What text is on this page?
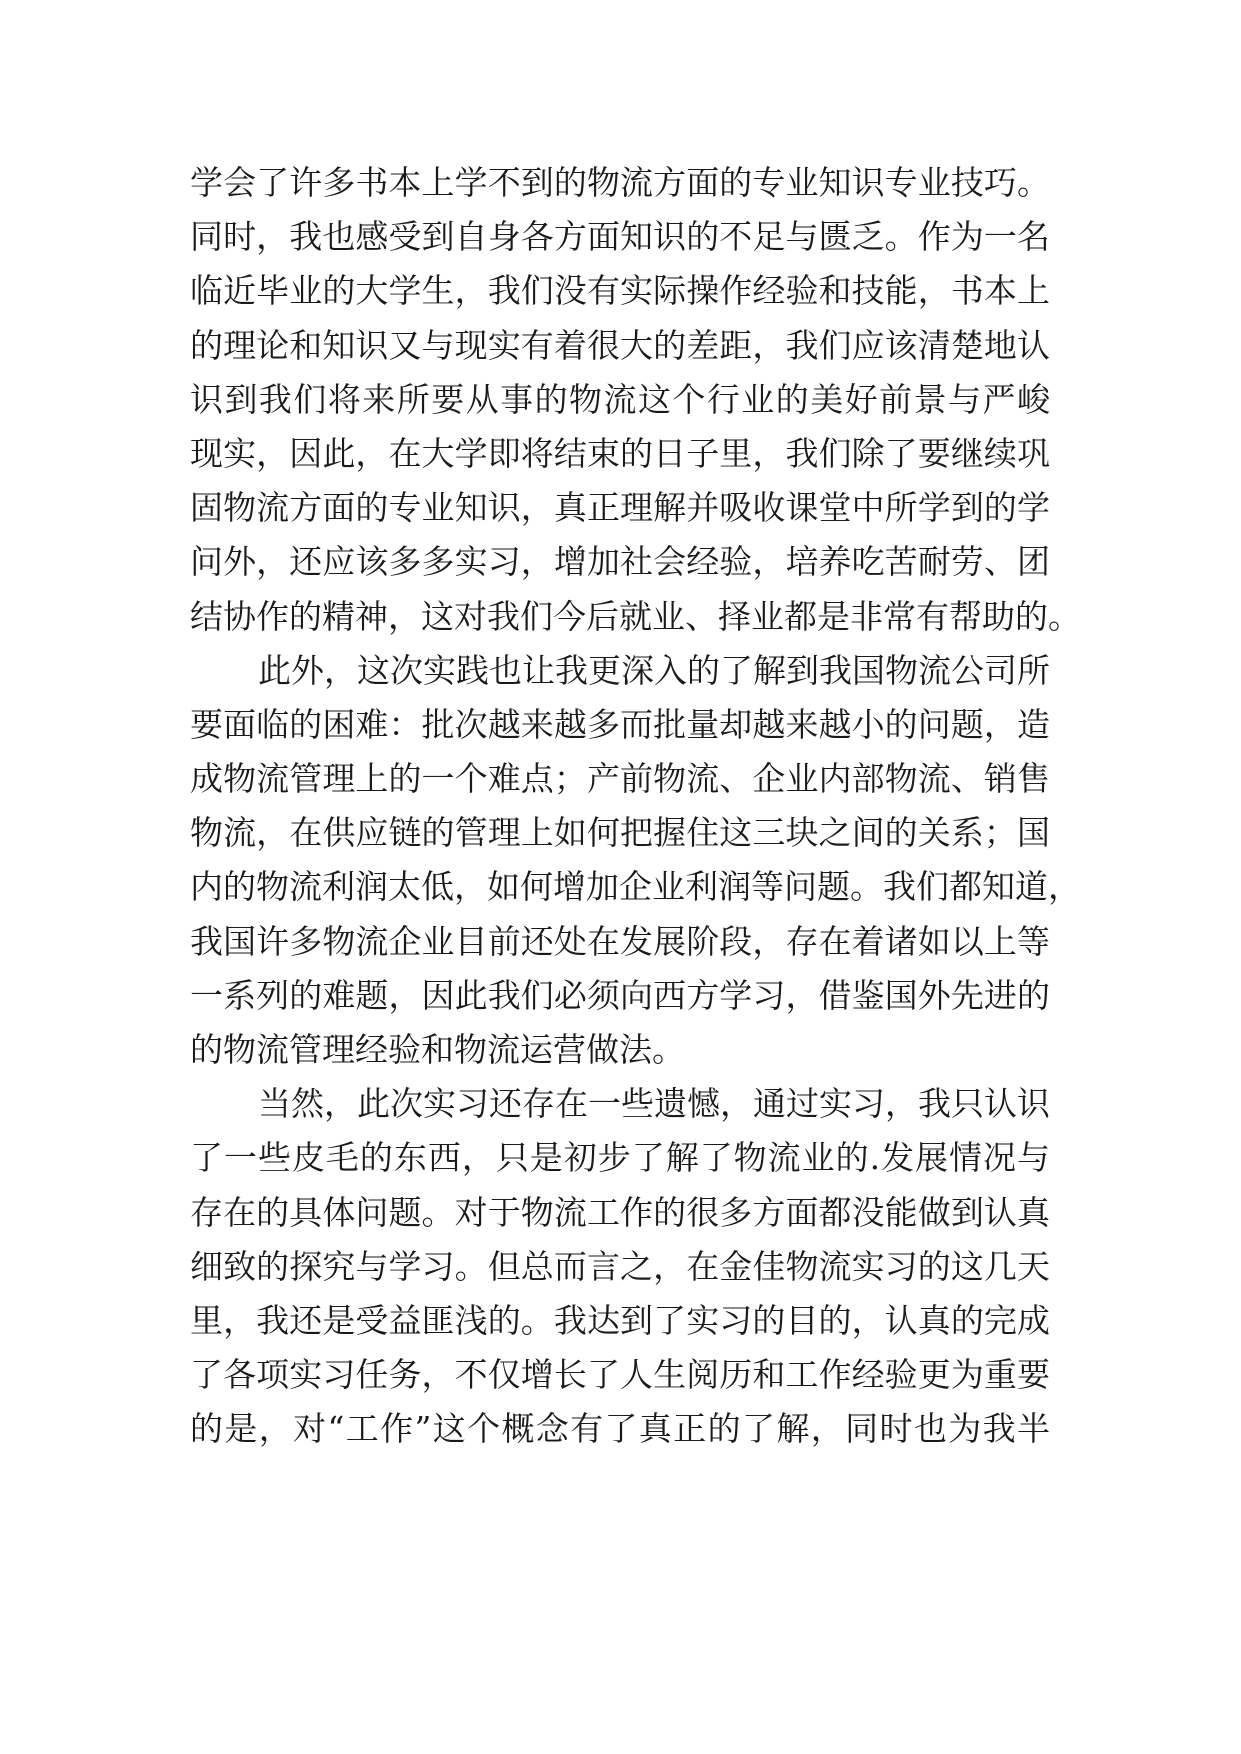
学会了许多书本上学不到的物流方面的专业知识专业技巧。
同时，我也感受到自身各方面知识的不足与匮乏。作为一名
临近毕业的大学生，我们没有实际操作经验和技能，书本上
的理论和知识又与现实有着很大的差距，我们应该清楚地认
识到我们将来所要从事的物流这个行业的美好前景与严峻
现实，因此，在大学即将结束的日子里，我们除了要继续巩
固物流方面的专业知识，真正理解并吸收课堂中所学到的学
问外，还应该多多实习，增加社会经验，培养吃苦耐劳、团
结协作的精神，这对我们今后就业、择业都是非常有帮助的。
此外，这次实践也让我更深入的了解到我国物流公司所
要面临的困难：批次越来越多而批量却越来越小的问题，造
成物流管理上的一个难点；产前物流、企业内部物流、销售
物流，在供应链的管理上如何把握住这三块之间的关系；国
内的物流利润太低，如何增加企业利润等问题。我们都知道，
我国许多物流企业目前还处在发展阶段，存在着诸如以上等
一系列的难题，因此我们必须向西方学习，借鉴国外先进的
的物流管理经验和物流运营做法。
当然，此次实习还存在一些遗憾，通过实习，我只认识
了一些皮毛的东西，只是初步了解了物流业的.发展情况与
存在的具体问题。对于物流工作的很多方面都没能做到认真
细致的探究与学习。但总而言之，在金佳物流实习的这几天
里，我还是受益匪浅的。我达到了实习的目的，认真的完成
了各项实习任务，不仅增长了人生阅历和工作经验更为重要
的是，对“工作”这个概念有了真正的了解，同时也为我半
